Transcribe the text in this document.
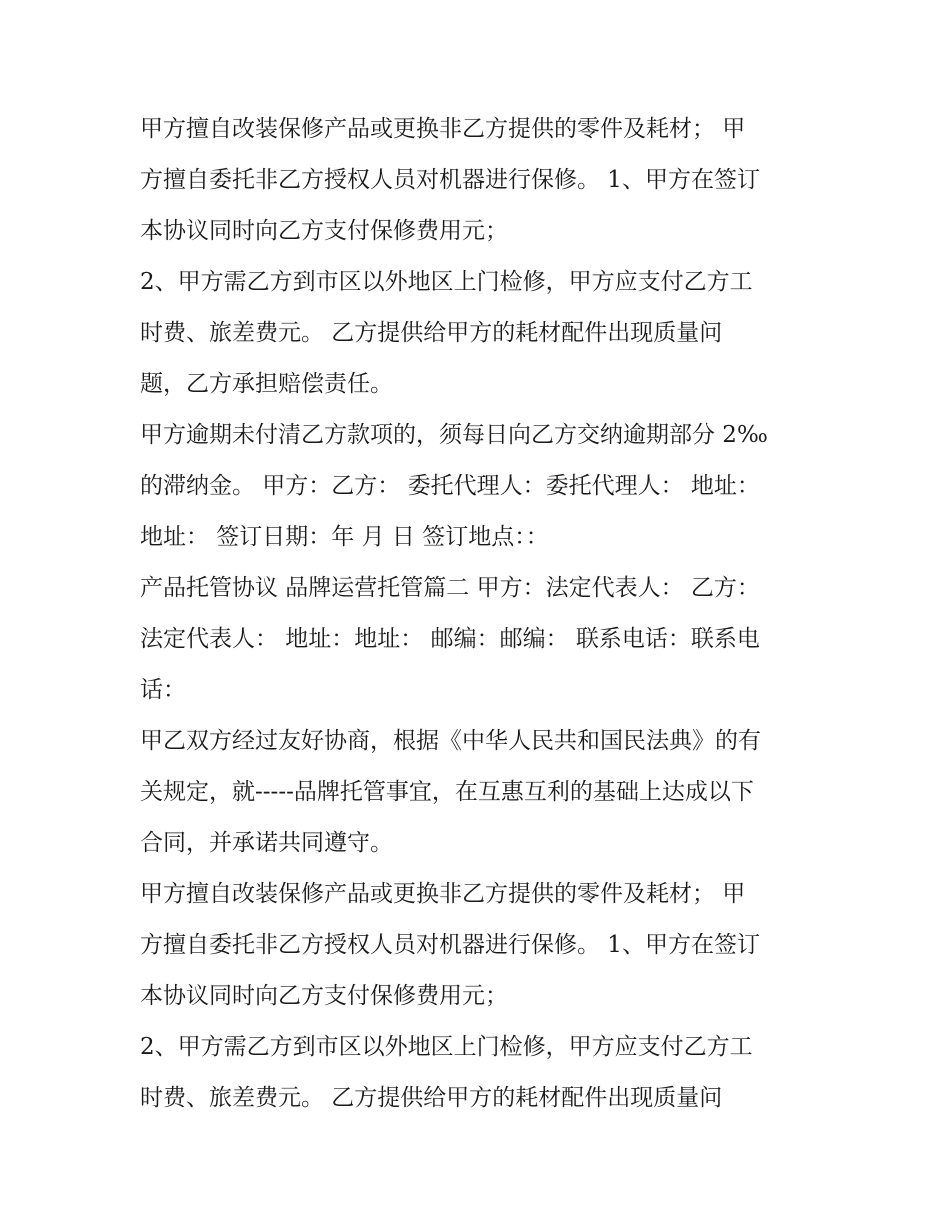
甲方擅自改装保修产品或更换非乙方提供的零件及耗材； 甲
方擅自委托非乙方授权人员对机器进行保修。 1、甲方在签订
本协议同时向乙方支付保修费用元；
2、甲方需乙方到市区以外地区上门检修，甲方应支付乙方工
时费、旅差费元。 乙方提供给甲方的耗材配件出现质量问
题，乙方承担赔偿责任。
甲方逾期未付清乙方款项的，须每日向乙方交纳逾期部分 2‰
的滞纳金。 甲方：乙方： 委托代理人：委托代理人： 地址：
地址： 签订日期：年 月 日 签订地点：：
产品托管协议 品牌运营托管篇二 甲方：法定代表人： 乙方：
法定代表人： 地址：地址： 邮编：邮编： 联系电话：联系电
话：
甲乙双方经过友好协商，根据《中华人民共和国民法典》的有
关规定，就-----品牌托管事宜，在互惠互利的基础上达成以下
合同，并承诺共同遵守。
甲方擅自改装保修产品或更换非乙方提供的零件及耗材； 甲
方擅自委托非乙方授权人员对机器进行保修。 1、甲方在签订
本协议同时向乙方支付保修费用元；
2、甲方需乙方到市区以外地区上门检修，甲方应支付乙方工
时费、旅差费元。 乙方提供给甲方的耗材配件出现质量问
